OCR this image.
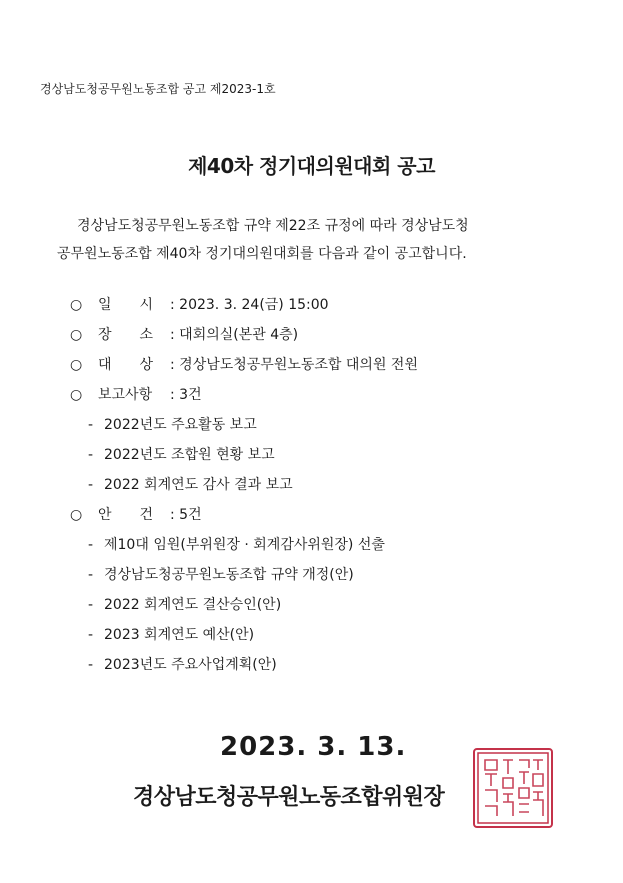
경상남도청공무원노동조합 공고 제2023-1호
제40차 정기대의원대회 공고
경상남도청공무원노동조합 규약 제22조 규정에 따라 경상남도청
공무원노동조합 제40차 정기대의원대회를 다음과 같이 공고합니다.
○ 일　　시 : 2023. 3. 24(금) 15:00
○ 장　　소 : 대회의실(본관 4층)
○ 대　　상 : 경상남도청공무원노동조합 대의원 전원
○ 보고사항 : 3건
- 2022년도 주요활동 보고
- 2022년도 조합원 현황 보고
- 2022 회계연도 감사 결과 보고
○ 안　　건 : 5건
- 제10대 임원(부위원장 · 회계감사위원장) 선출
- 경상남도청공무원노동조합 규약 개정(안)
- 2022 회계연도 결산승인(안)
- 2023 회계연도 예산(안)
- 2023년도 주요사업계획(안)
2023. 3. 13.
경상남도청공무원노동조합위원장
